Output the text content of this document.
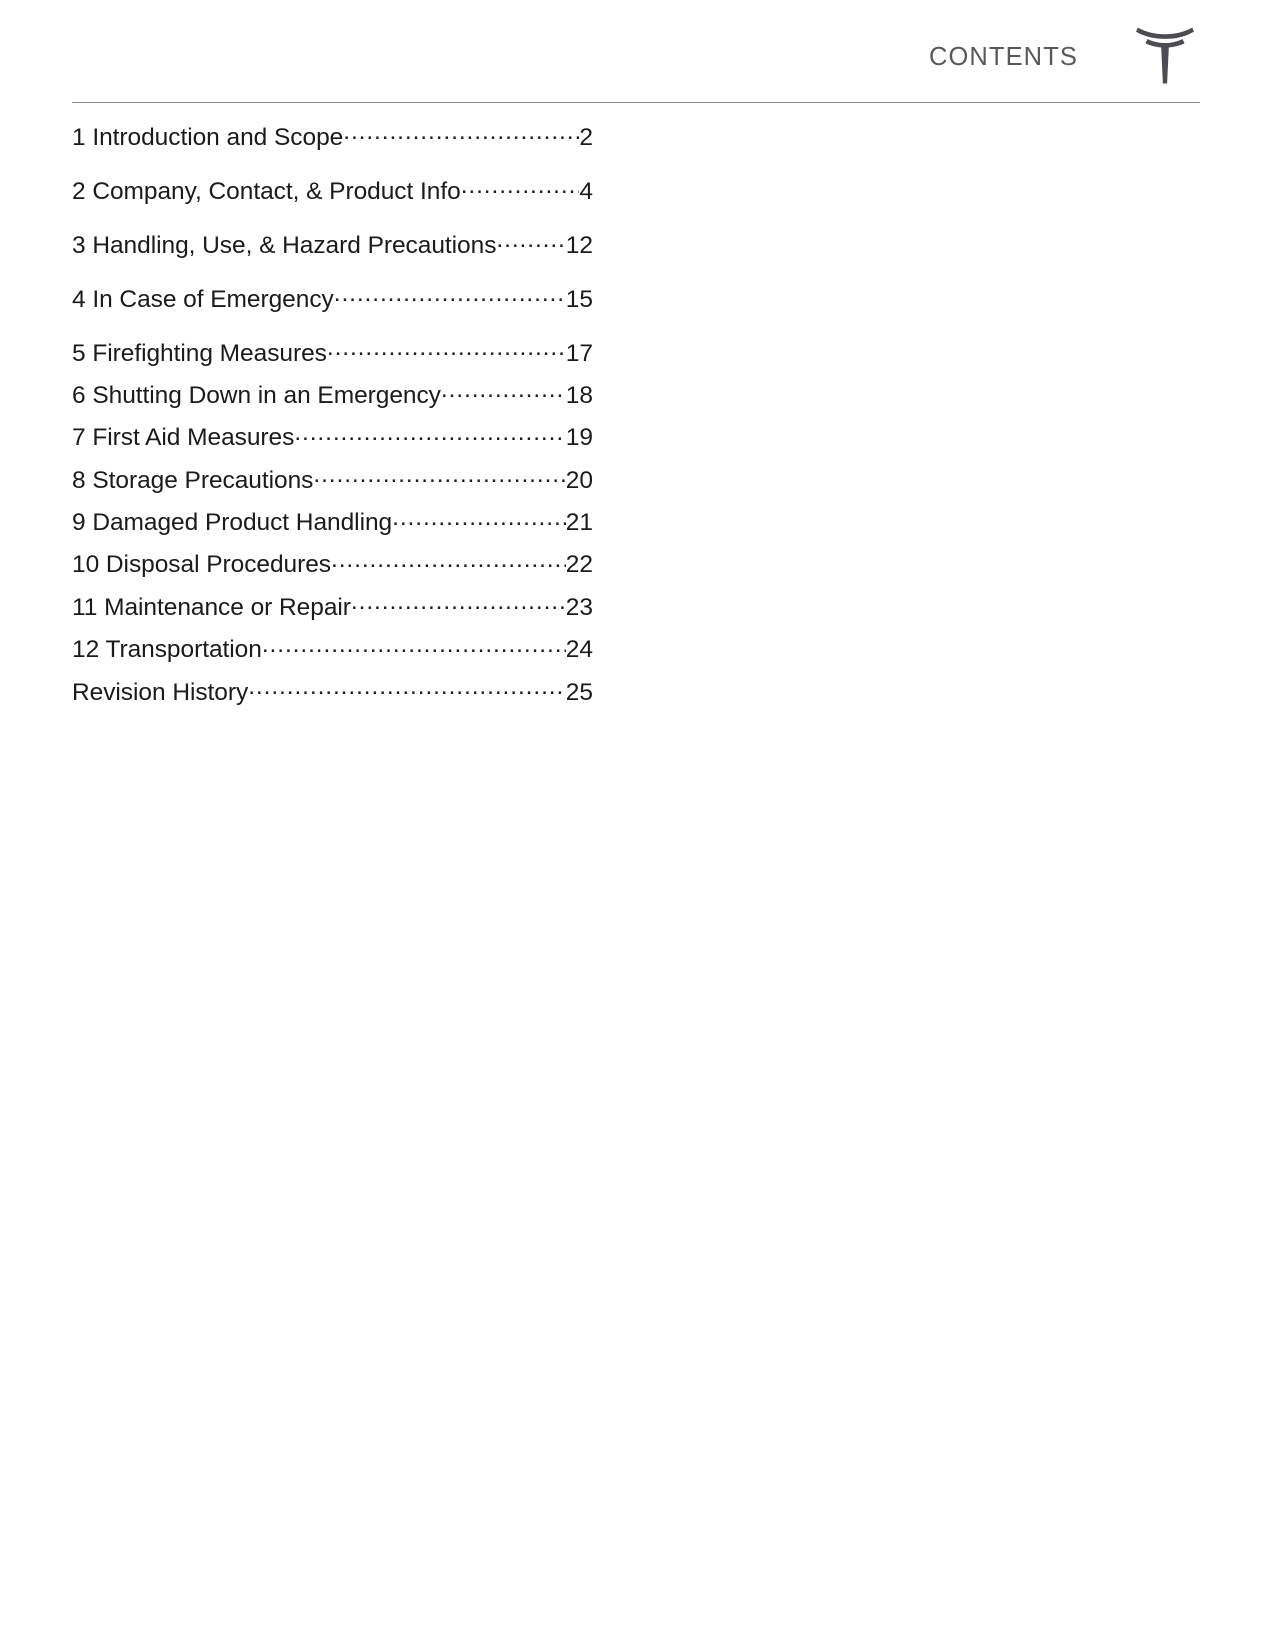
CONTENTS
1 Introduction and Scope .....	2
2 Company, Contact, & Product Info .....	4
3 Handling, Use, & Hazard Precautions .....	12
4 In Case of Emergency .....	15
5 Firefighting Measures .....	17
6 Shutting Down in an Emergency .....	18
7 First Aid Measures .....	19
8 Storage Precautions .....	20
9 Damaged Product Handling .....	21
10 Disposal Procedures .....	22
11 Maintenance or Repair .....	23
12 Transportation .....	24
Revision History .....	25
